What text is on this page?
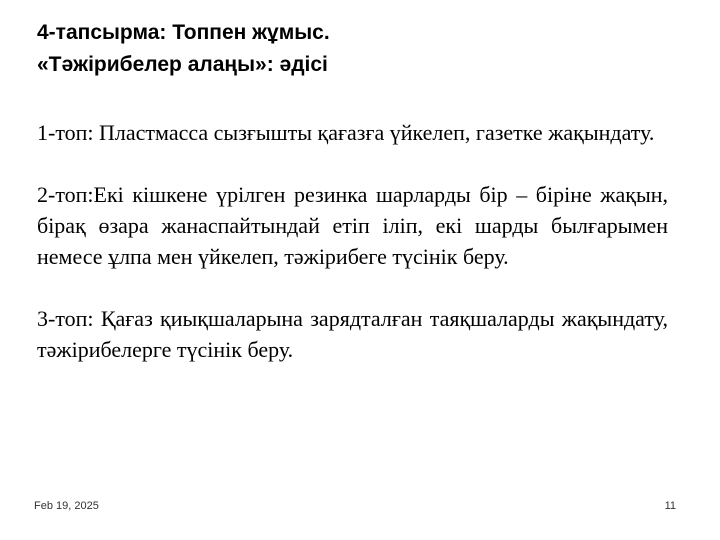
4-тапсырма: Топпен жұмыс.
«Тәжірибелер алаңы»: әдісі

1-топ: Пластмасса сызғышты қағазға үйкелеп, газетке жақындату.

2-топ:Екі кішкене үрілген резинка шарларды бір – біріне жақын, бірақ өзара жанаспайтындай етіп іліп, екі шарды былғарымен немесе ұлпа мен үйкелеп, тәжірибеге түсінік беру.

3-топ: Қағаз қиықшаларына зарядталған таяқшаларды жақындату, тәжірибелерге түсінік беру.

Feb 19, 2025	11
